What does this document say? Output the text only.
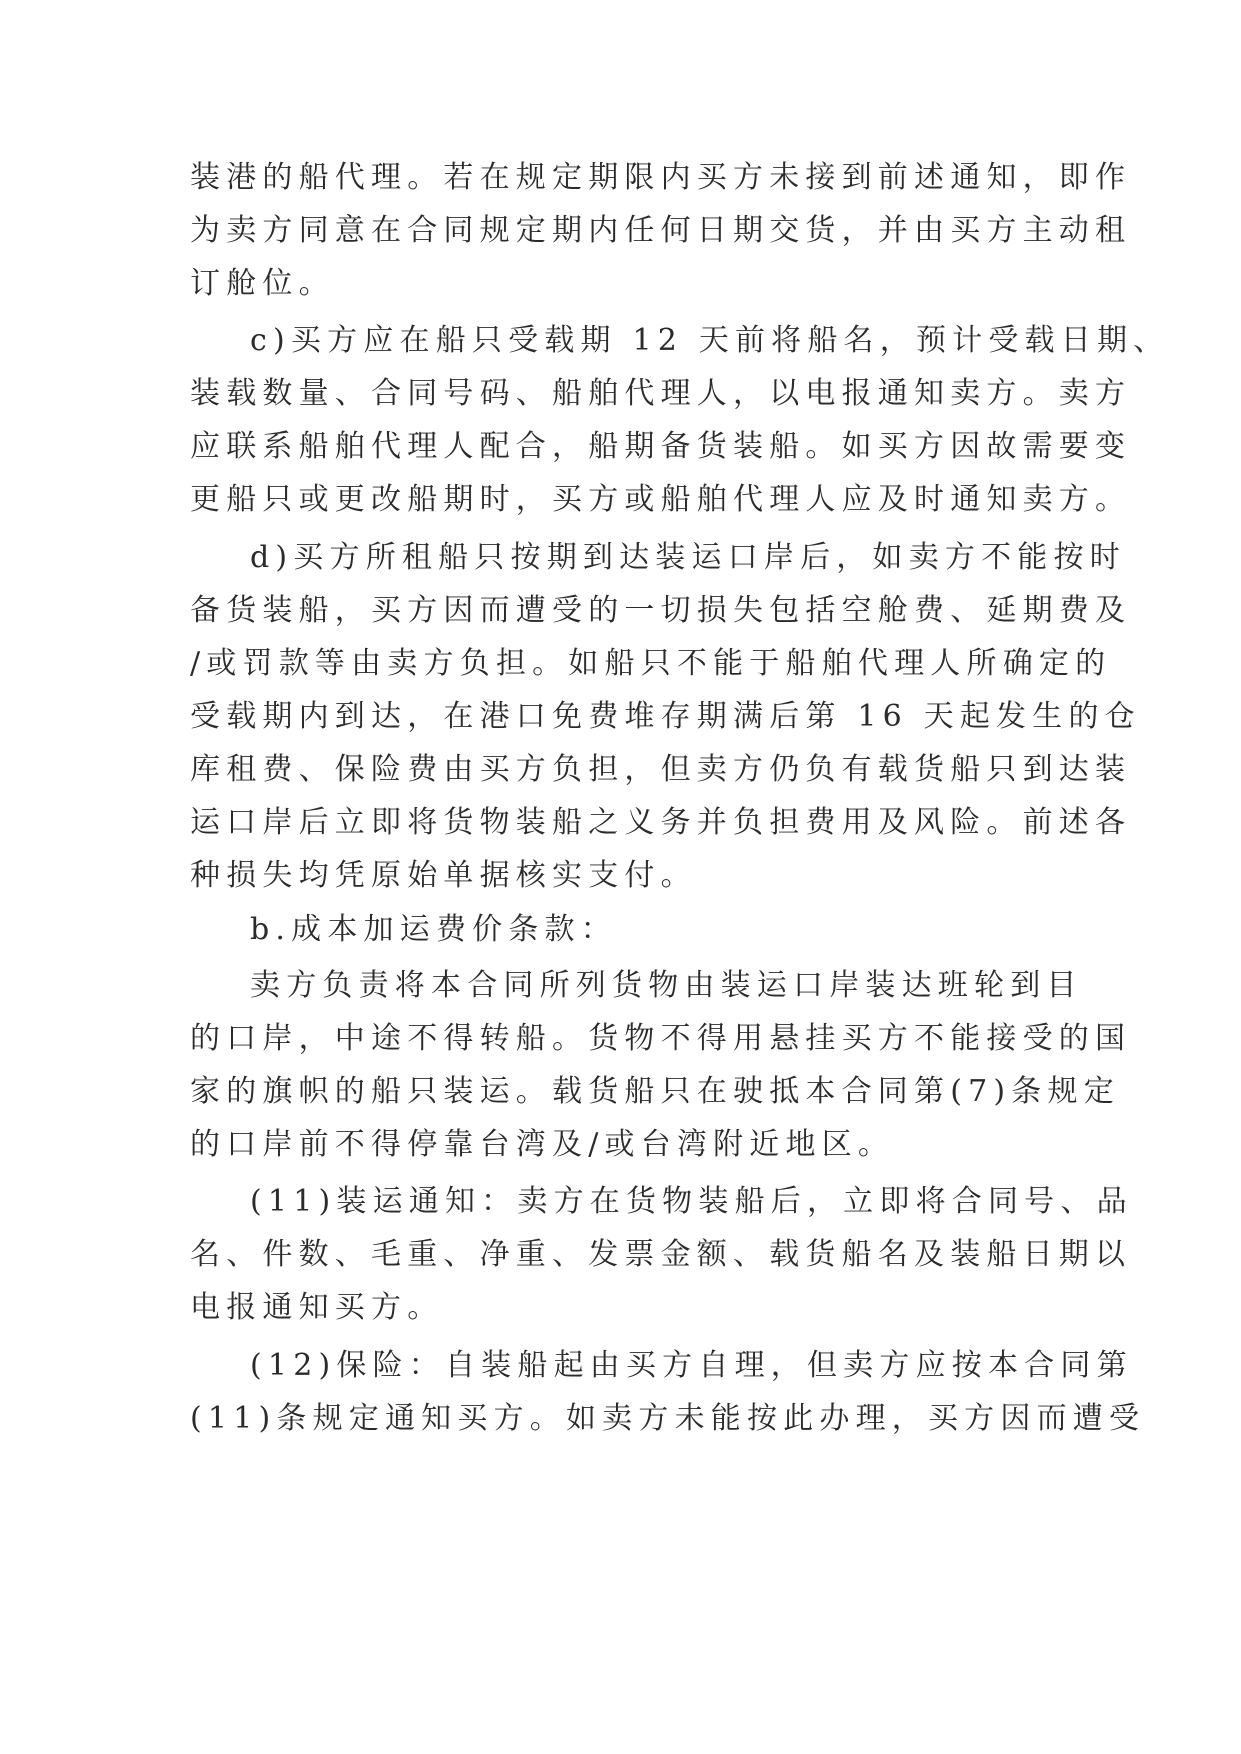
装港的船代理。若在规定期限内买方未接到前述通知，即作
为卖方同意在合同规定期内任何日期交货，并由买方主动租
订舱位。
c)买方应在船只受载期 12 天前将船名，预计受载日期、
装载数量、合同号码、船舶代理人，以电报通知卖方。卖方
应联系船舶代理人配合，船期备货装船。如买方因故需要变
更船只或更改船期时，买方或船舶代理人应及时通知卖方。
d)买方所租船只按期到达装运口岸后，如卖方不能按时
备货装船，买方因而遭受的一切损失包括空舱费、延期费及
/或罚款等由卖方负担。如船只不能于船舶代理人所确定的
受载期内到达，在港口免费堆存期满后第 16 天起发生的仓
库租费、保险费由买方负担，但卖方仍负有载货船只到达装
运口岸后立即将货物装船之义务并负担费用及风险。前述各
种损失均凭原始单据核实支付。
b.成本加运费价条款：
卖方负责将本合同所列货物由装运口岸装达班轮到目
的口岸，中途不得转船。货物不得用悬挂买方不能接受的国
家的旗帜的船只装运。载货船只在驶抵本合同第(7)条规定
的口岸前不得停靠台湾及/或台湾附近地区。
(11)装运通知：卖方在货物装船后，立即将合同号、品
名、件数、毛重、净重、发票金额、载货船名及装船日期以
电报通知买方。
(12)保险：自装船起由买方自理，但卖方应按本合同第
(11)条规定通知买方。如卖方未能按此办理，买方因而遭受
